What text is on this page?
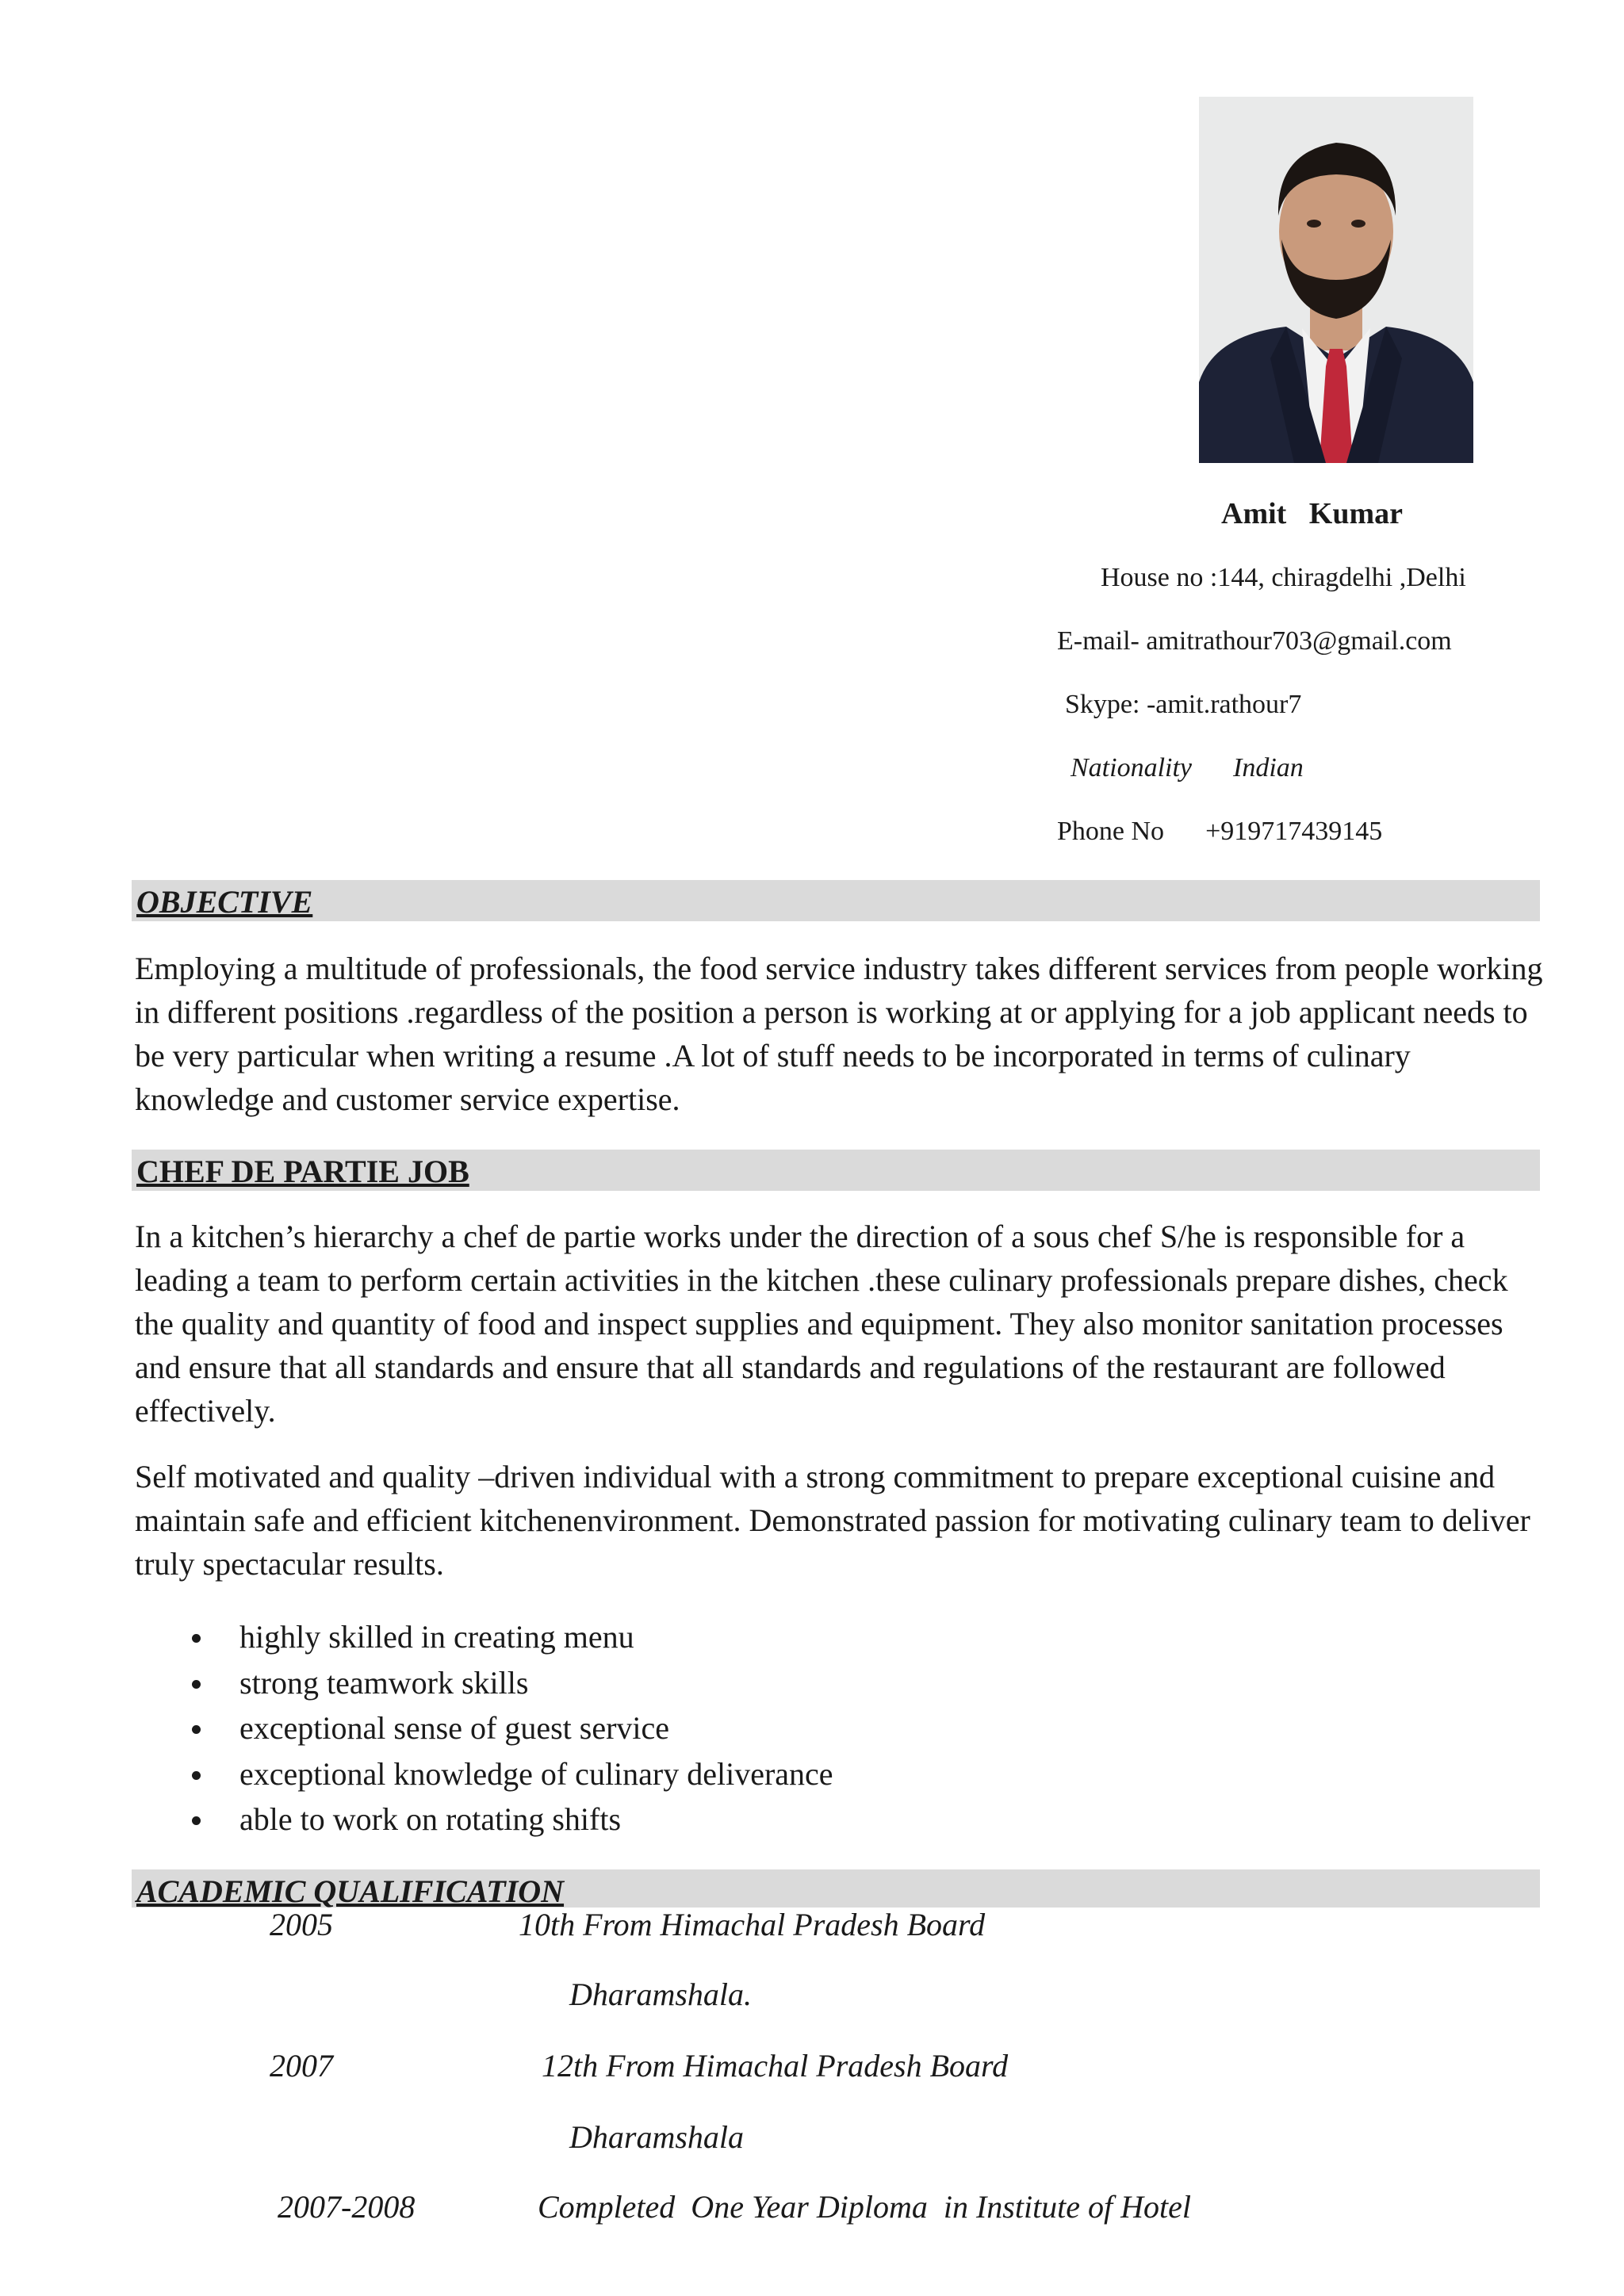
Amit   Kumar
House no :144, chiragdelhi ,Delhi
E-mail- amitrathour703@gmail.com
Skype: -amit.rathour7
Nationality Indian
Phone No +919717439145
OBJECTIVE

Employing a multitude of professionals, the food service industry takes different services from people working in different positions .regardless of the position a person is working at or applying for a job applicant needs to be very particular when writing a resume .A lot of stuff needs to be incorporated in terms of culinary knowledge and customer service expertise.

CHEF DE PARTIE JOB

In a kitchen’s hierarchy a chef de partie works under the direction of a sous chef S/he is responsible for a leading a team to perform certain activities in the kitchen .these culinary professionals prepare dishes, check the quality and quantity of food and inspect supplies and equipment. They also monitor sanitation processes and ensure that all standards and ensure that all standards and regulations of the restaurant are followed effectively.

Self motivated and quality –driven individual with a strong commitment to prepare exceptional cuisine and maintain safe and efficient kitchenenvironment. Demonstrated passion for motivating culinary team to deliver truly spectacular results.

highly skilled in creating menu
strong teamwork skills
exceptional sense of guest service
exceptional knowledge of culinary deliverance
able to work on rotating shifts
ACADEMIC QUALIFICATION
2005	10th From Himachal Pradesh Board
Dharamshala.
2007	12th From Himachal Pradesh Board
Dharamshala
2007-2008	Completed  One Year Diploma  in Institute of Hotel
